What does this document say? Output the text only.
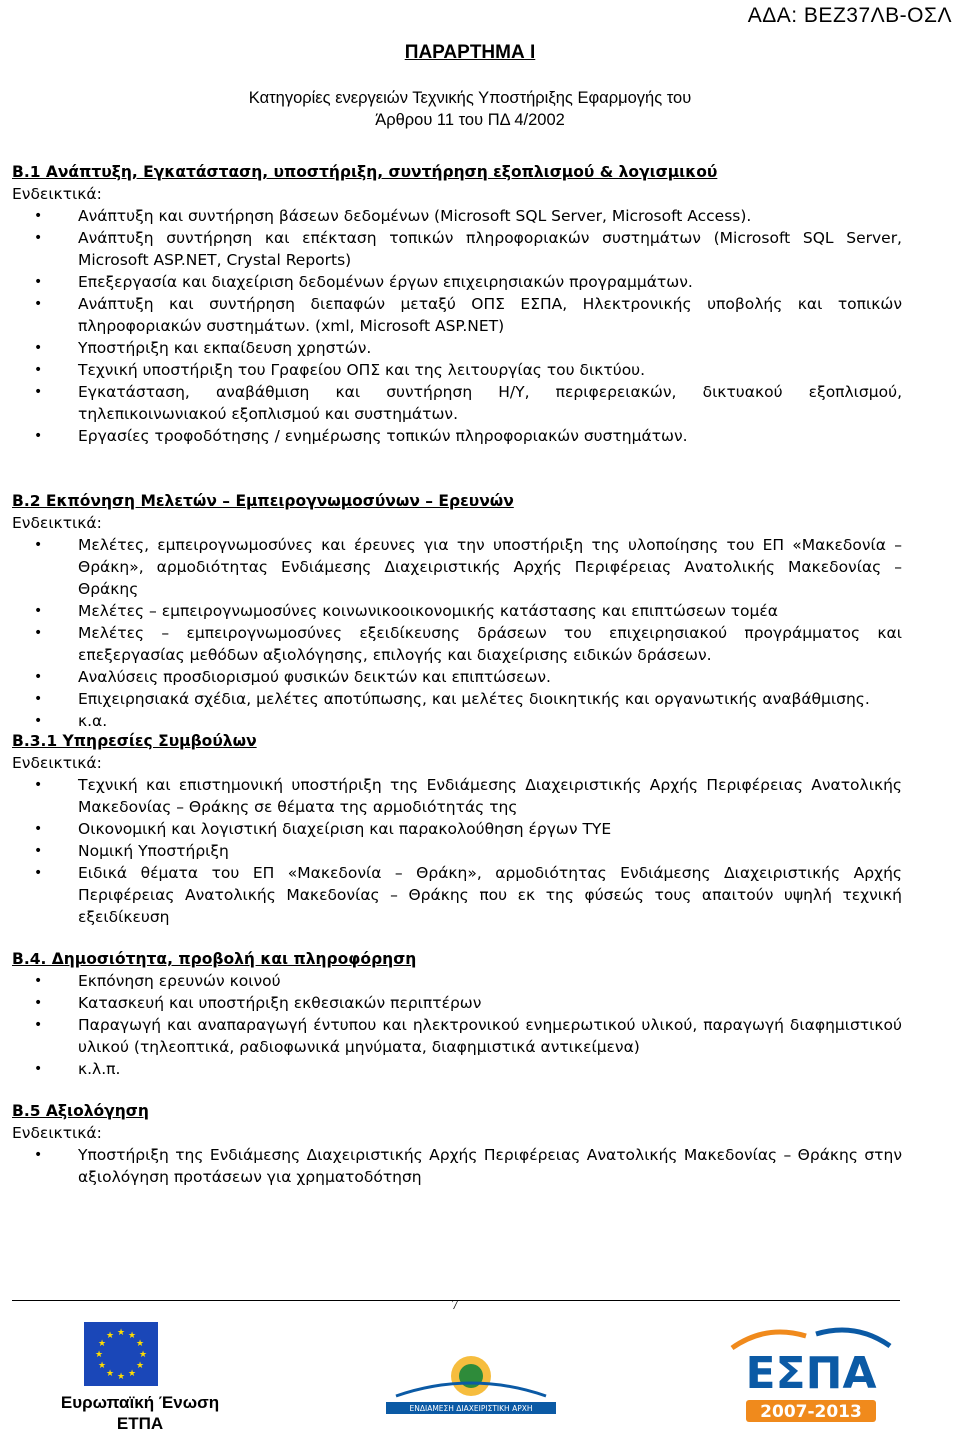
ΑΔΑ: ΒΕΖ37ΛΒ-ΟΣΛ
ΠΑΡΑΡΤΗΜΑ Ι
Κατηγορίες ενεργειών Τεχνικής Υποστήριξης Εφαρμογής του
Άρθρου 11 του ΠΔ 4/2002
Β.1 Ανάπτυξη, Εγκατάσταση, υποστήριξη, συντήρηση εξοπλισμού & λογισμικού
Ενδεικτικά:
• Ανάπτυξη και συντήρηση βάσεων δεδομένων (Microsoft SQL Server, Microsoft Access).
• Ανάπτυξη συντήρηση και επέκταση τοπικών πληροφοριακών συστημάτων (Microsoft SQL Server, Microsoft ASP.NET, Crystal Reports)
• Επεξεργασία και διαχείριση δεδομένων έργων επιχειρησιακών προγραμμάτων.
• Ανάπτυξη και συντήρηση διεπαφών μεταξύ ΟΠΣ ΕΣΠΑ, Ηλεκτρονικής υποβολής και τοπικών πληροφοριακών συστημάτων. (xml, Microsoft ASP.NET)
• Υποστήριξη και εκπαίδευση χρηστών.
• Τεχνική υποστήριξη του Γραφείου ΟΠΣ και της λειτουργίας του δικτύου.
• Εγκατάσταση, αναβάθμιση και συντήρηση Η/Υ, περιφερειακών, δικτυακού εξοπλισμού, τηλεπικοινωνιακού εξοπλισμού και συστημάτων.
• Εργασίες τροφοδότησης / ενημέρωσης τοπικών πληροφοριακών συστημάτων.
Β.2 Εκπόνηση Μελετών – Εμπειρογνωμοσύνων – Ερευνών
Ενδεικτικά:
• Μελέτες, εμπειρογνωμοσύνες και έρευνες για την υποστήριξη της υλοποίησης του ΕΠ «Μακεδονία – Θράκη», αρμοδιότητας Ενδιάμεσης Διαχειριστικής Αρχής Περιφέρειας Ανατολικής Μακεδονίας – Θράκης
• Μελέτες – εμπειρογνωμοσύνες κοινωνικοοικονομικής κατάστασης και επιπτώσεων τομέα
• Μελέτες – εμπειρογνωμοσύνες εξειδίκευσης δράσεων του επιχειρησιακού προγράμματος και επεξεργασίας μεθόδων αξιολόγησης, επιλογής και διαχείρισης ειδικών δράσεων.
• Αναλύσεις προσδιορισμού φυσικών δεικτών και επιπτώσεων.
• Επιχειρησιακά σχέδια, μελέτες αποτύπωσης, και μελέτες διοικητικής και οργανωτικής αναβάθμισης.
• κ.α.
Β.3.1 Υπηρεσίες Συμβούλων
Ενδεικτικά:
• Τεχνική και επιστημονική υποστήριξη της Ενδιάμεσης Διαχειριστικής Αρχής Περιφέρειας Ανατολικής Μακεδονίας – Θράκης σε θέματα της αρμοδιότητάς της
• Οικονομική και λογιστική διαχείριση και παρακολούθηση έργων ΤΥΕ
• Νομική Υποστήριξη
• Ειδικά θέματα του ΕΠ «Μακεδονία – Θράκη», αρμοδιότητας Ενδιάμεσης Διαχειριστικής Αρχής Περιφέρειας Ανατολικής Μακεδονίας – Θράκης που εκ της φύσεώς τους απαιτούν υψηλή τεχνική εξειδίκευση
Β.4. Δημοσιότητα, προβολή και πληροφόρηση
• Εκπόνηση ερευνών κοινού
• Κατασκευή και υποστήριξη εκθεσιακών περιπτέρων
• Παραγωγή και αναπαραγωγή έντυπου και ηλεκτρονικού ενημερωτικού υλικού, παραγωγή διαφημιστικού υλικού (τηλεοπτικά, ραδιοφωνικά μηνύματα, διαφημιστικά αντικείμενα)
• κ.λ.π.
Β.5 Αξιολόγηση
Ενδεικτικά:
• Υποστήριξη της Ενδιάμεσης Διαχειριστικής Αρχής Περιφέρειας Ανατολικής Μακεδονίας – Θράκης στην αξιολόγηση προτάσεων για χρηματοδότηση
7
★ ★
★
★
★
★
★
★
★
★
★
★
Ευρωπαϊκή Ένωση
ΕΤΠΑ
ΕΝΔΙΑΜΕΣΗ ΔΙΑΧΕΙΡΙΣΤΙΚΗ ΑΡΧΗ
ΕΣΠΑ
2007-2013
